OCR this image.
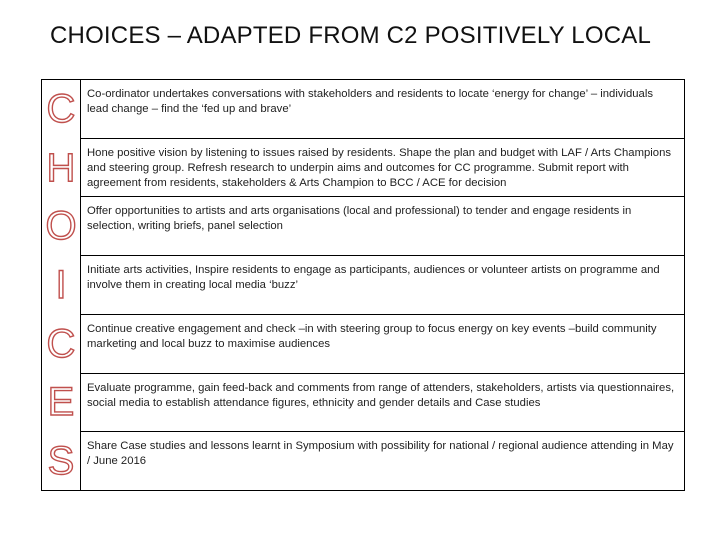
CHOICES – ADAPTED FROM C2 POSITIVELY LOCAL
C
H
O
I
C
E
S
Co-ordinator undertakes conversations with stakeholders and residents to locate ‘energy for change’ – individuals lead change – find the ‘fed up and brave’
Hone positive vision by listening to issues raised by residents. Shape the plan and budget with LAF / Arts Champions and steering group. Refresh research to underpin aims and outcomes for CC programme. Submit report with agreement from residents, stakeholders & Arts Champion to BCC / ACE for decision
Offer opportunities to artists and arts organisations (local and professional) to tender and engage residents in selection, writing briefs, panel selection
Initiate arts activities, Inspire residents to engage as participants, audiences or volunteer artists on programme and involve them in creating local media ‘buzz’
Continue creative engagement and check –in with steering group to focus energy on key events –build community marketing and local buzz to maximise audiences
Evaluate programme, gain feed-back and comments from range of attenders, stakeholders, artists via questionnaires, social media to establish attendance figures, ethnicity and gender details and Case studies
Share Case studies and lessons learnt in Symposium with possibility for national / regional audience attending in May / June 2016
